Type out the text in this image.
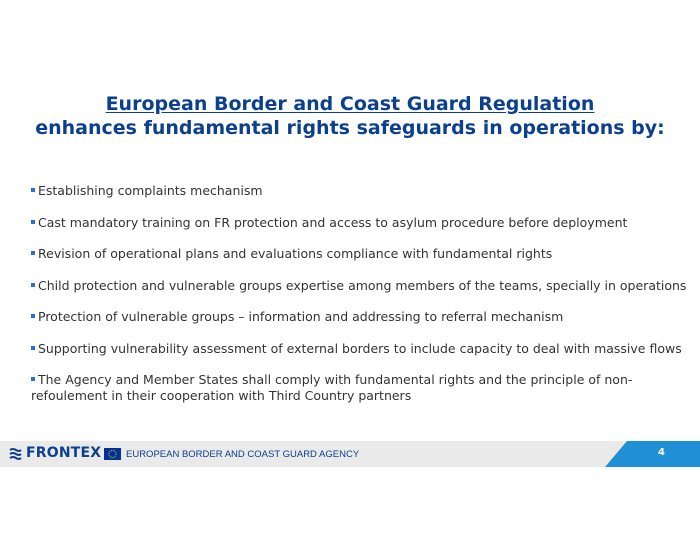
European Border and Coast Guard Regulation
enhances fundamental rights safeguards in operations by:
Establishing complaints mechanism
Cast mandatory training on FR protection and access to asylum procedure before deployment
Revision of operational plans and evaluations compliance with fundamental rights
Child protection and vulnerable groups expertise among members of the teams, specially in operations
Protection of vulnerable groups – information and addressing to referral mechanism
Supporting vulnerability assessment of external borders to include capacity to deal with massive flows
The Agency and Member States shall comply with fundamental rights and the principle of non-refoulement in their cooperation with Third Country partners
FRONTEX	EUROPEAN BORDER AND COAST GUARD AGENCY	4
